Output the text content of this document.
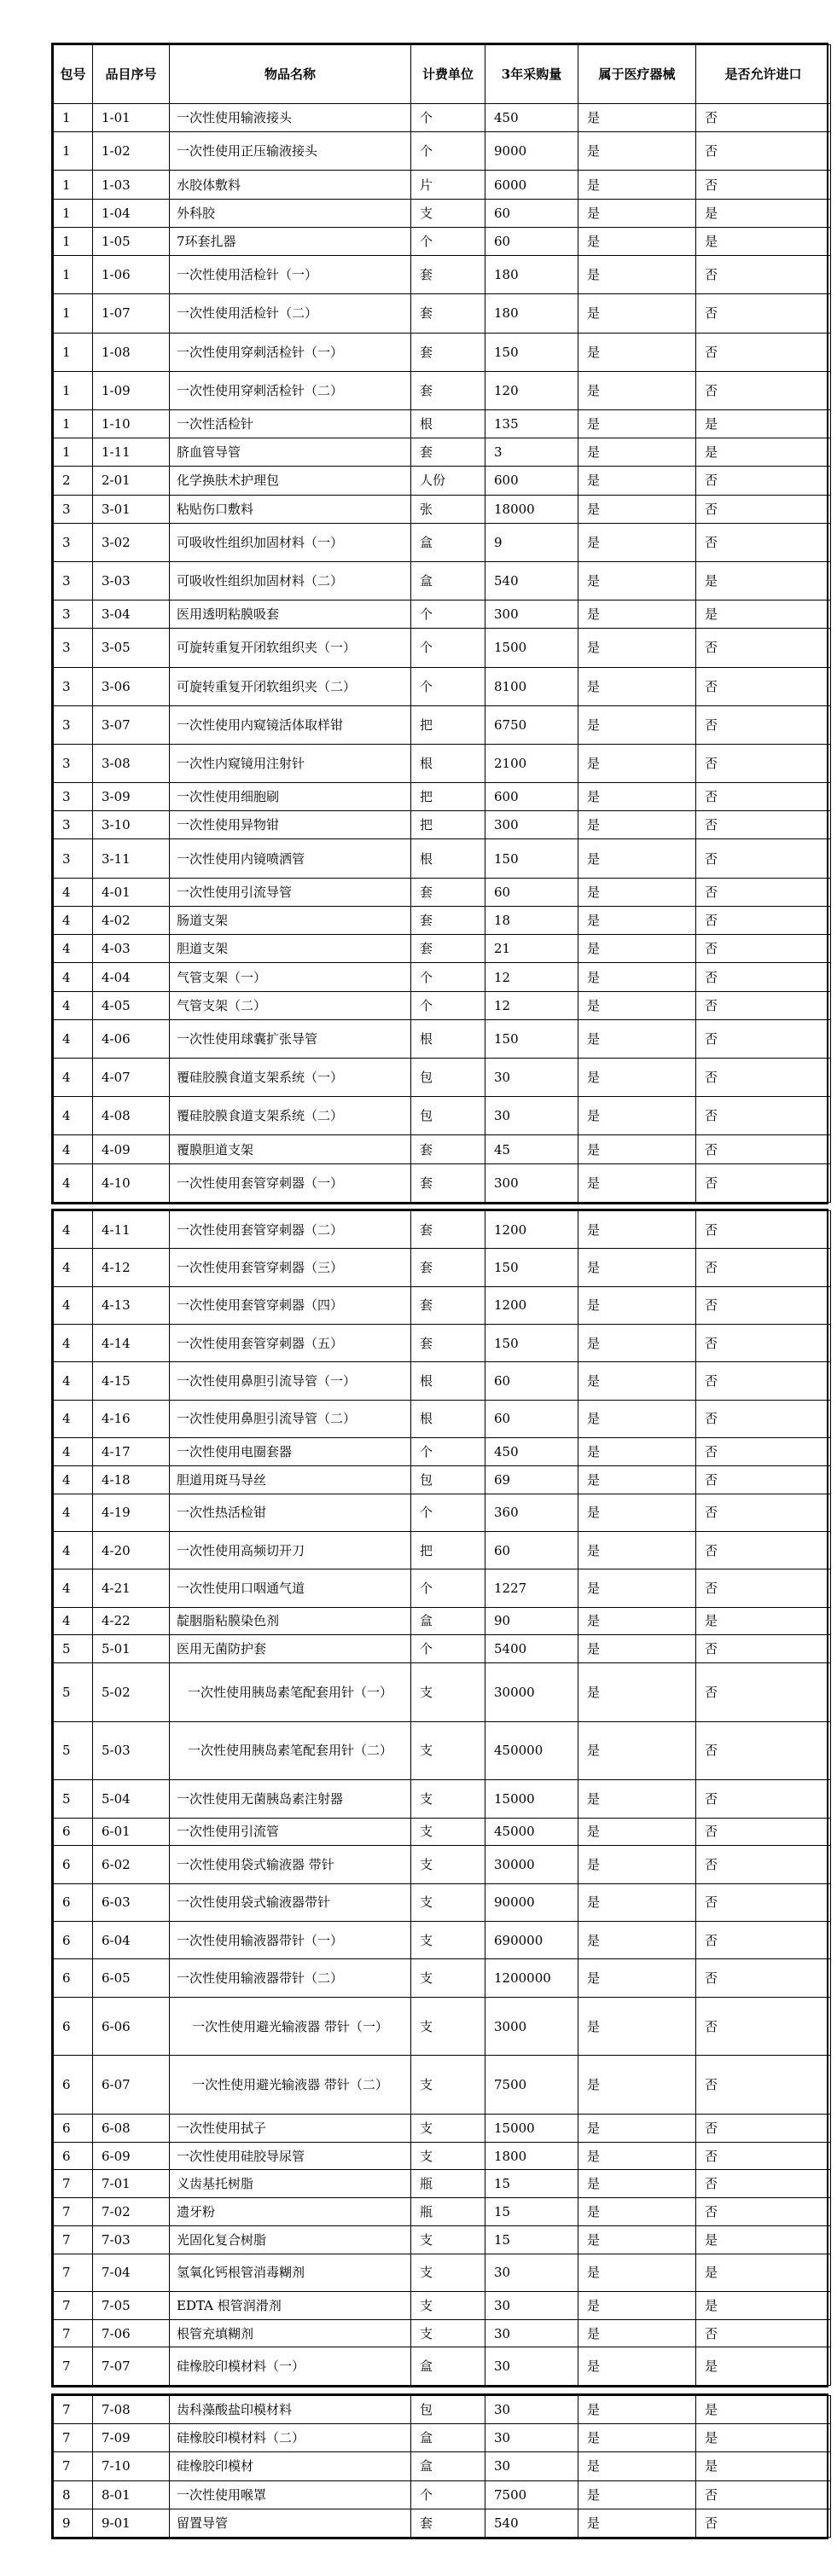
包号	品目序号	物品名称	计费单位	3年采购量	属于医疗器械	是否允许进口
1	1-01	一次性使用输液接头	个	450	是	否
1	1-02	一次性使用正压输液接头	个	9000	是	否
1	1-03	水胶体敷料	片	6000	是	否
1	1-04	外科胶	支	60	是	是
1	1-05	7环套扎器	个	60	是	是
1	1-06	一次性使用活检针（一）	套	180	是	否
1	1-07	一次性使用活检针（二）	套	180	是	否
1	1-08	一次性使用穿刺活检针（一）	套	150	是	否
1	1-09	一次性使用穿刺活检针（二）	套	120	是	否
1	1-10	一次性活检针	根	135	是	是
1	1-11	脐血管导管	套	3	是	是
2	2-01	化学换肤术护理包	人份	600	是	否
3	3-01	粘贴伤口敷料	张	18000	是	否
3	3-02	可吸收性组织加固材料（一）	盒	9	是	否
3	3-03	可吸收性组织加固材料（二）	盒	540	是	是
3	3-04	医用透明粘膜吸套	个	300	是	是
3	3-05	可旋转重复开闭软组织夹（一）	个	1500	是	否
3	3-06	可旋转重复开闭软组织夹（二）	个	8100	是	否
3	3-07	一次性使用内窥镜活体取样钳	把	6750	是	否
3	3-08	一次性内窥镜用注射针	根	2100	是	否
3	3-09	一次性使用细胞刷	把	600	是	否
3	3-10	一次性使用异物钳	把	300	是	否
3	3-11	一次性使用内镜喷洒管	根	150	是	否
4	4-01	一次性使用引流导管	套	60	是	否
4	4-02	肠道支架	套	18	是	否
4	4-03	胆道支架	套	21	是	否
4	4-04	气管支架（一）	个	12	是	否
4	4-05	气管支架（二）	个	12	是	否
4	4-06	一次性使用球囊扩张导管	根	150	是	否
4	4-07	覆硅胶膜食道支架系统（一）	包	30	是	否
4	4-08	覆硅胶膜食道支架系统（二）	包	30	是	否
4	4-09	覆膜胆道支架	套	45	是	否
4	4-10	一次性使用套管穿刺器（一）	套	300	是	否
4	4-11	一次性使用套管穿刺器（二）	套	1200	是	否
4	4-12	一次性使用套管穿刺器（三）	套	150	是	否
4	4-13	一次性使用套管穿刺器（四）	套	1200	是	否
4	4-14	一次性使用套管穿刺器（五）	套	150	是	否
4	4-15	一次性使用鼻胆引流导管（一）	根	60	是	否
4	4-16	一次性使用鼻胆引流导管（二）	根	60	是	否
4	4-17	一次性使用电圈套器	个	450	是	否
4	4-18	胆道用斑马导丝	包	69	是	否
4	4-19	一次性热活检钳	个	360	是	否
4	4-20	一次性使用高频切开刀	把	60	是	否
4	4-21	一次性使用口咽通气道	个	1227	是	否
4	4-22	靛胭脂粘膜染色剂	盒	90	是	是
5	5-01	医用无菌防护套	个	5400	是	否
5	5-02	一次性使用胰岛素笔配套用针（一）	支	30000	是	否
5	5-03	一次性使用胰岛素笔配套用针（二）	支	450000	是	否
5	5-04	一次性使用无菌胰岛素注射器	支	15000	是	否
6	6-01	一次性使用引流管	支	45000	是	否
6	6-02	一次性使用袋式输液器 带针	支	30000	是	否
6	6-03	一次性使用袋式输液器带针	支	90000	是	否
6	6-04	一次性使用输液器带针（一）	支	690000	是	否
6	6-05	一次性使用输液器带针（二）	支	1200000	是	否
6	6-06	一次性使用避光输液器 带针（一）	支	3000	是	否
6	6-07	一次性使用避光输液器 带针（二）	支	7500	是	否
6	6-08	一次性使用拭子	支	15000	是	否
6	6-09	一次性使用硅胶导尿管	支	1800	是	否
7	7-01	义齿基托树脂	瓶	15	是	否
7	7-02	遗牙粉	瓶	15	是	否
7	7-03	光固化复合树脂	支	15	是	是
7	7-04	氢氧化钙根管消毒糊剂	支	30	是	是
7	7-05	EDTA 根管润滑剂	支	30	是	是
7	7-06	根管充填糊剂	支	30	是	否
7	7-07	硅橡胶印模材料（一）	盒	30	是	是
7	7-08	齿科藻酸盐印模材料	包	30	是	是
7	7-09	硅橡胶印模材料（二）	盒	30	是	是
7	7-10	硅橡胶印模材	盒	30	是	是
8	8-01	一次性使用喉罩	个	7500	是	否
9	9-01	留置导管	套	540	是	否
